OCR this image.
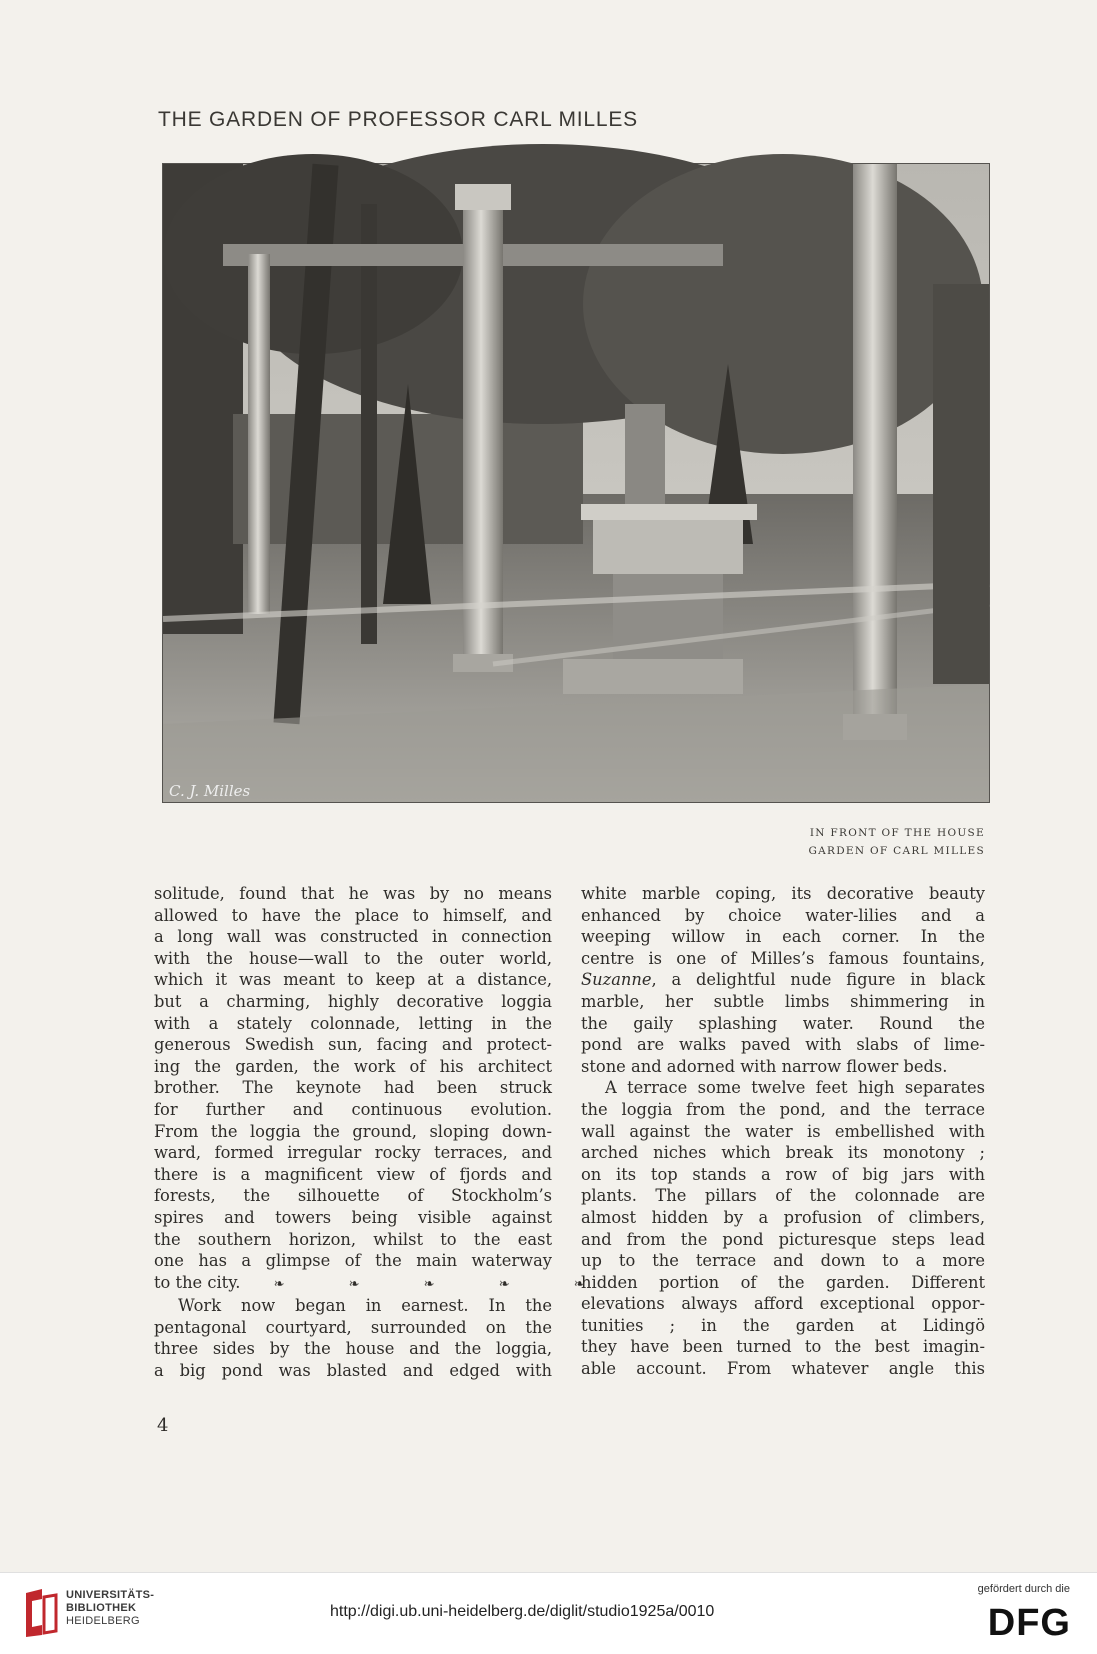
THE GARDEN OF PROFESSOR CARL MILLES
C. J. Milles
IN FRONT OF THE HOUSE
GARDEN OF CARL MILLES
solitude, found that he was by no means
allowed to have the place to himself, and
a long wall was constructed in connection
with the house—wall to the outer world,
which it was meant to keep at a distance,
but a charming, highly decorative loggia
with a stately colonnade, letting in the
generous Swedish sun, facing and protect-
ing the garden, the work of his architect
brother. The keynote had been struck
for further and continuous evolution.
From the loggia the ground, sloping down-
ward, formed irregular rocky terraces, and
there is a magnificent view of fjords and
forests, the silhouette of Stockholm’s
spires and towers being visible against
the southern horizon, whilst to the east
one has a glimpse of the main waterway
to the city.	❧ ❧ ❧ ❧ ❧
Work now began in earnest. In the
pentagonal courtyard, surrounded on the
three sides by the house and the loggia,
a big pond was blasted and edged with
white marble coping, its decorative beauty
enhanced by choice water-lilies and a
weeping willow in each corner. In the
centre is one of Milles’s famous fountains,
Suzanne, a delightful nude figure in black
marble, her subtle limbs shimmering in
the gaily splashing water. Round the
pond are walks paved with slabs of lime-
stone and adorned with narrow flower beds.
A terrace some twelve feet high separates
the loggia from the pond, and the terrace
wall against the water is embellished with
arched niches which break its monotony ;
on its top stands a row of big jars with
plants. The pillars of the colonnade are
almost hidden by a profusion of climbers,
and from the pond picturesque steps lead
up to the terrace and down to a more
hidden portion of the garden. Different
elevations always afford exceptional oppor-
tunities ; in the garden at Lidingö
they have been turned to the best imagin-
able account. From whatever angle this
4
UNIVERSITÄTS-
BIBLIOTHEK
HEIDELBERG
http://digi.ub.uni-heidelberg.de/diglit/studio1925a/0010
gefördert durch die
DFG
